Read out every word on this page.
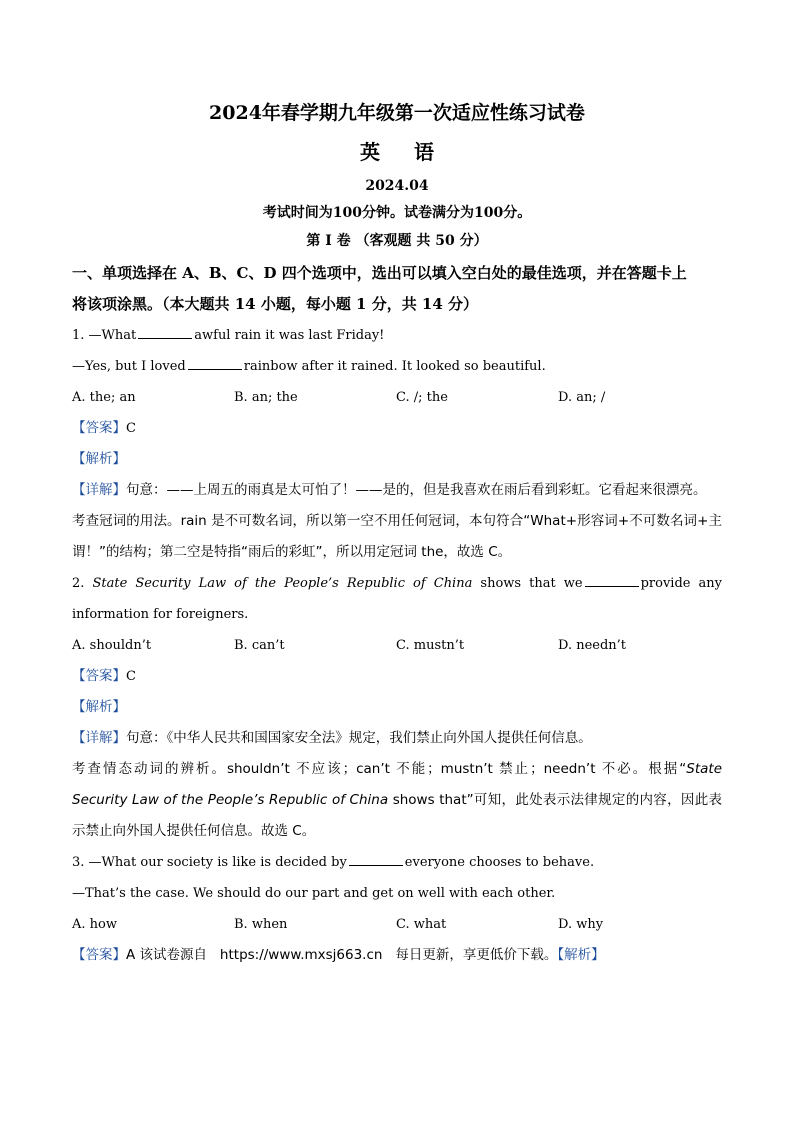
2024年春学期九年级第一次适应性练习试卷
英语
2024.04
考试时间为100分钟。试卷满分为100分。
第 I 卷 （客观题 共 50 分）
一、单项选择在 A、B、C、D 四个选项中，选出可以填入空白处的最佳选项，并在答题卡上
将该项涂黑。（本大题共 14 小题，每小题 1 分，共 14 分）
1. —What	awful rain it was last Friday!
—Yes, but I loved	rainbow after it rained. It looked so beautiful.
A. the; an	B. an; the	C. /; the	D. an; /
【答案】C
【解析】
【详解】句意：——上周五的雨真是太可怕了！——是的，但是我喜欢在雨后看到彩虹。它看起来很漂亮。
考查冠词的用法。rain 是不可数名词，所以第一空不用任何冠词，本句符合“What+形容词+不可数名词+主谓！”的结构；第二空是特指“雨后的彩虹”，所以用定冠词 the，故选 C。
2. State Security Law of the People’s Republic of China shows that we	provide any information for foreigners.
A. shouldn’t	B. can’t	C. mustn’t	D. needn’t
【答案】C
【解析】
【详解】句意：《中华人民共和国国家安全法》规定，我们禁止向外国人提供任何信息。
考查情态动词的辨析。shouldn’t 不应该；can’t 不能；mustn’t 禁止；needn’t 不必。根据“State Security Law of the People’s Republic of China shows that”可知，此处表示法律规定的内容，因此表示禁止向外国人提供任何信息。故选 C。
3. —What our society is like is decided by	everyone chooses to behave.
—That’s the case. We should do our part and get on well with each other.
A. how	B. when	C. what	D. why
【答案】A 该试卷源自 https://www.mxsj663.cn 每日更新，享更低价下载。【解析】
